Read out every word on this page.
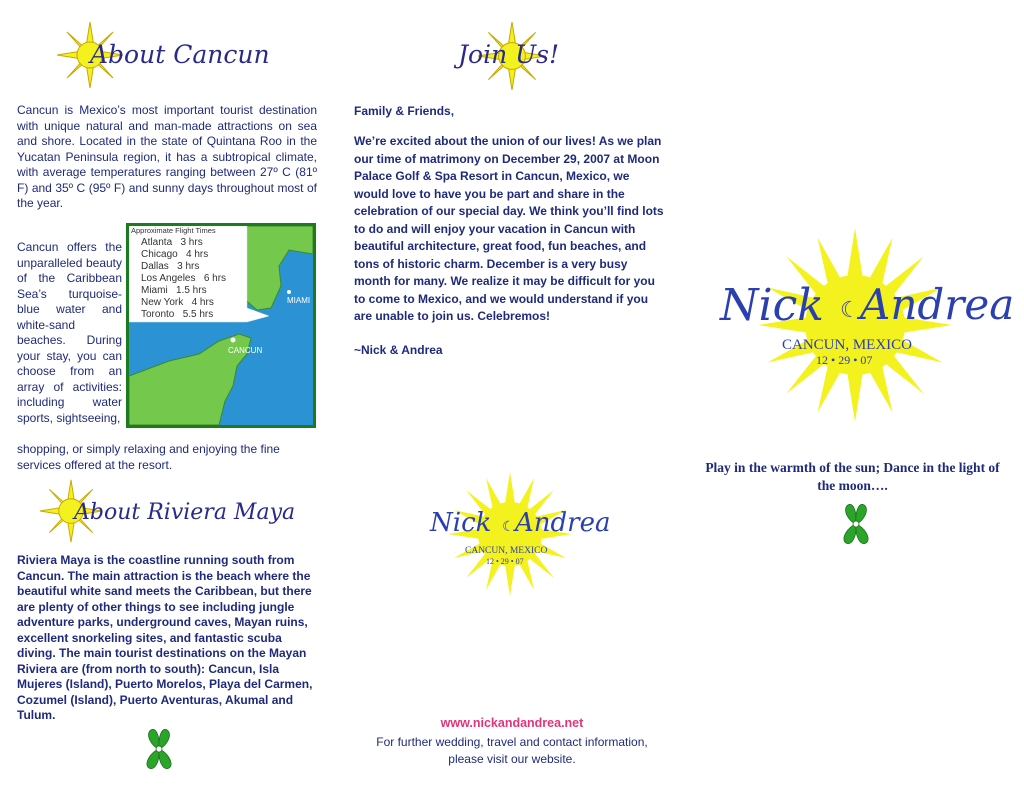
About Cancun

Cancun is Mexico’s most important tourist destination with unique natural and man-made attractions on sea and shore. Located in the state of Quintana Roo in the Yucatan Peninsula region, it has a subtropical climate, with average temperatures ranging between 27º C (81º F) and 35º C (95º F) and sunny days throughout most of the year.

Cancun offers the unparalleled beauty of the Caribbean Sea’s turquoise-blue water and white-sand beaches. During your stay, you can choose from an array of activities: including water sports, sightseeing,

shopping, or simply relaxing and enjoying the fine services offered at the resort.

Approximate Flight Times
Atlanta   3 hrs
Chicago   4 hrs
Dallas   3 hrs
Los Angeles   6 hrs
Miami   1.5 hrs
New York   4 hrs
Toronto   5.5 hrs
MIAMI
CANCUN
About Riviera Maya

Riviera Maya is the coastline running south from Cancun. The main attraction is the beach where the beautiful white sand meets the Caribbean, but there are plenty of other things to see including jungle adventure parks, underground caves, Mayan ruins, excellent snorkeling sites, and fantastic scuba diving. The main tourist destinations on the Mayan Riviera are (from north to south): Cancun, Isla Mujeres (Island), Puerto Morelos, Playa del Carmen, Cozumel (Island), Puerto Aventuras, Akumal and Tulum.

Join Us!

Family & Friends,

We’re excited about the union of our lives! As we plan our time of matrimony on December 29, 2007 at Moon Palace Golf & Spa Resort in Cancun, Mexico, we would love to have you be part and share in the celebration of our special day. We think you’ll find lots to do and will enjoy your vacation in Cancun with beautiful architecture, great food, fun beaches, and tons of historic charm. December is a very busy month for many. We realize it may be difficult for you to come to Mexico, and we would understand if you are unable to join us. Celebremos!

~Nick & Andrea

Nick ☾ Andrea
CANCUN, MEXICO
12 • 29 • 07
www.nickandandrea.net
For further wedding, travel and contact information,
please visit our website.
Nick ☾ Andrea
CANCUN, MEXICO
12 • 29 • 07
Play in the warmth of the sun; Dance in the light of the moon….
